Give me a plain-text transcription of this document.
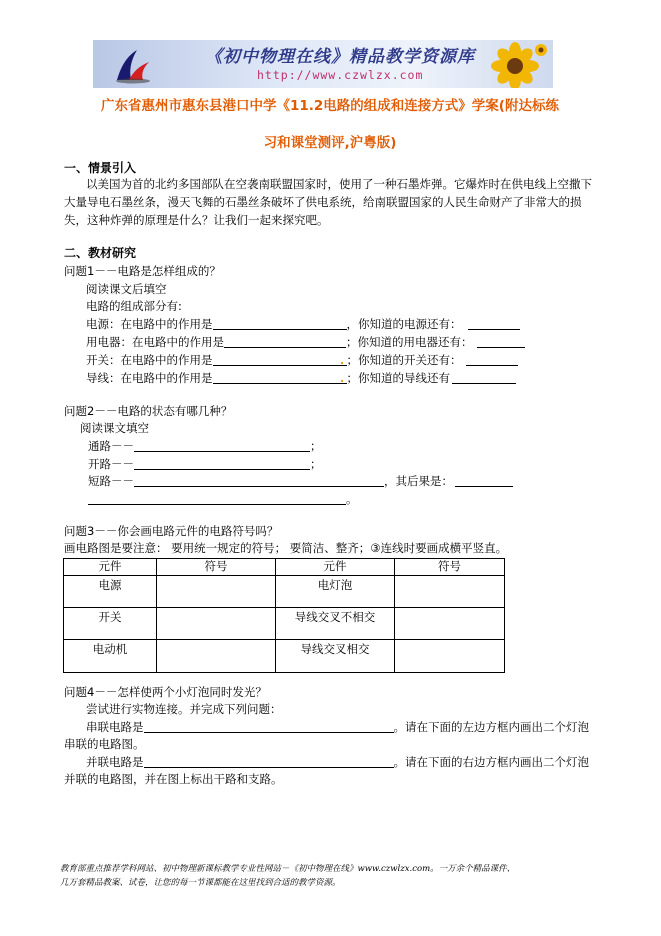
《初中物理在线》精品教学资源库
http://www.czwlzx.com
广东省惠州市惠东县港口中学《11.2电路的组成和连接方式》学案(附达标练
习和课堂测评,沪粤版)
一、情景引入
以美国为首的北约多国部队在空袭南联盟国家时，使用了一种石墨炸弹。它爆炸时在供电线上空撒下大量导电石墨丝条，漫天飞舞的石墨丝条破坏了供电系统，给南联盟国家的人民生命财产了非常大的损失，这种炸弹的原理是什么？让我们一起来探究吧。
二、教材研究
问题1－－电路是怎样组成的？
阅读课文后填空
电路的组成部分有:
电源：在电路中的作用是	，你知道的电源还有：
用电器：在电路中的作用是	；你知道的用电器还有：
开关：在电路中的作用是	；你知道的开关还有：
导线：在电路中的作用是	；你知道的导线还有
问题2－－电路的状态有哪几种？
阅读课文填空
通路－－	；
开路－－	；
短路－－	，其后果是：
。
问题3－－你会画电路元件的电路符号吗？
画电路图是要注意： 要用统一规定的符号； 要简洁、整齐；③连线时要画成横平竖直。
元件	符号	元件	符号
电源		电灯泡	
开关		导线交叉不相交	
电动机		导线交叉相交	
问题4－－怎样使两个小灯泡同时发光？
尝试进行实物连接。并完成下列问题：
串联电路是	。请在下面的左边方框内画出二个灯泡
串联的电路图。
并联电路是	。请在下面的右边方框内画出二个灯泡
并联的电路图，并在图上标出干路和支路。
教育部重点推荐学科网站、初中物理新课标教学专业性网站－《初中物理在线》www.czwlzx.com。一万余个精品课件、
几万套精品教案、试卷，让您的每一节课都能在这里找到合适的教学资源。
